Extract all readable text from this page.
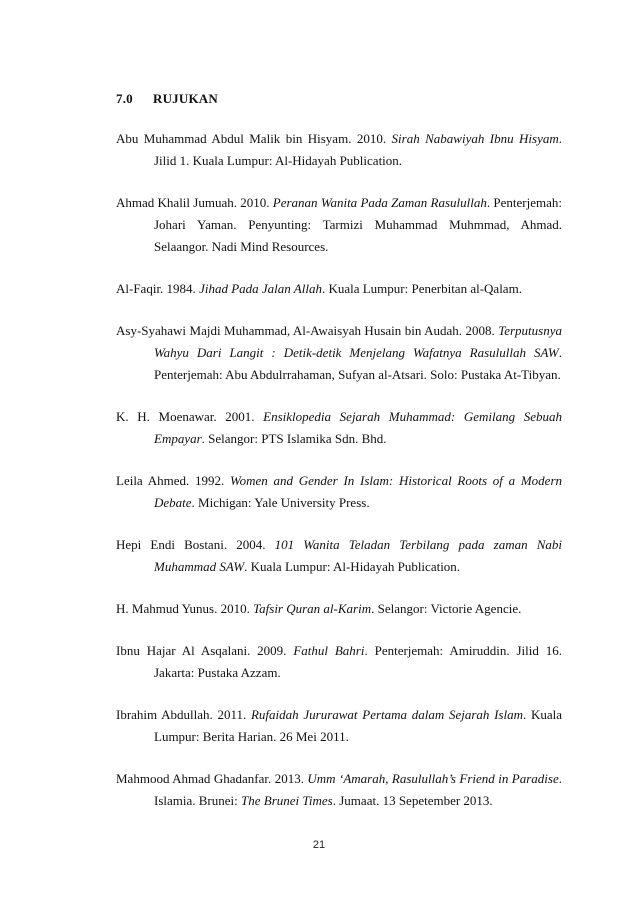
7.0 RUJUKAN

Abu Muhammad Abdul Malik bin Hisyam. 2010. Sirah Nabawiyah Ibnu Hisyam. Jilid 1. Kuala Lumpur: Al-Hidayah Publication.

Ahmad Khalil Jumuah. 2010. Peranan Wanita Pada Zaman Rasulullah. Penterjemah: Johari Yaman. Penyunting: Tarmizi Muhammad Muhmmad, Ahmad. Selaangor. Nadi Mind Resources.

Al-Faqir. 1984. Jihad Pada Jalan Allah. Kuala Lumpur: Penerbitan al-Qalam.

Asy-Syahawi Majdi Muhammad, Al-Awaisyah Husain bin Audah. 2008. Terputusnya Wahyu Dari Langit : Detik-detik Menjelang Wafatnya Rasulullah SAW. Penterjemah: Abu Abdulrrahaman, Sufyan al-Atsari. Solo: Pustaka At-Tibyan.

K. H. Moenawar. 2001. Ensiklopedia Sejarah Muhammad: Gemilang Sebuah Empayar. Selangor: PTS Islamika Sdn. Bhd.

Leila Ahmed. 1992. Women and Gender In Islam: Historical Roots of a Modern Debate. Michigan: Yale University Press.

Hepi Endi Bostani. 2004. 101 Wanita Teladan Terbilang pada zaman Nabi Muhammad SAW. Kuala Lumpur: Al-Hidayah Publication.

H. Mahmud Yunus. 2010. Tafsir Quran al-Karim. Selangor: Victorie Agencie.

Ibnu Hajar Al Asqalani. 2009. Fathul Bahri. Penterjemah: Amiruddin. Jilid 16. Jakarta: Pustaka Azzam.

Ibrahim Abdullah. 2011. Rufaidah Jururawat Pertama dalam Sejarah Islam. Kuala Lumpur: Berita Harian. 26 Mei 2011.

Mahmood Ahmad Ghadanfar. 2013. Umm ‘Amarah, Rasulullah’s Friend in Paradise. Islamia. Brunei: The Brunei Times. Jumaat. 13 Sepetember 2013.

21
